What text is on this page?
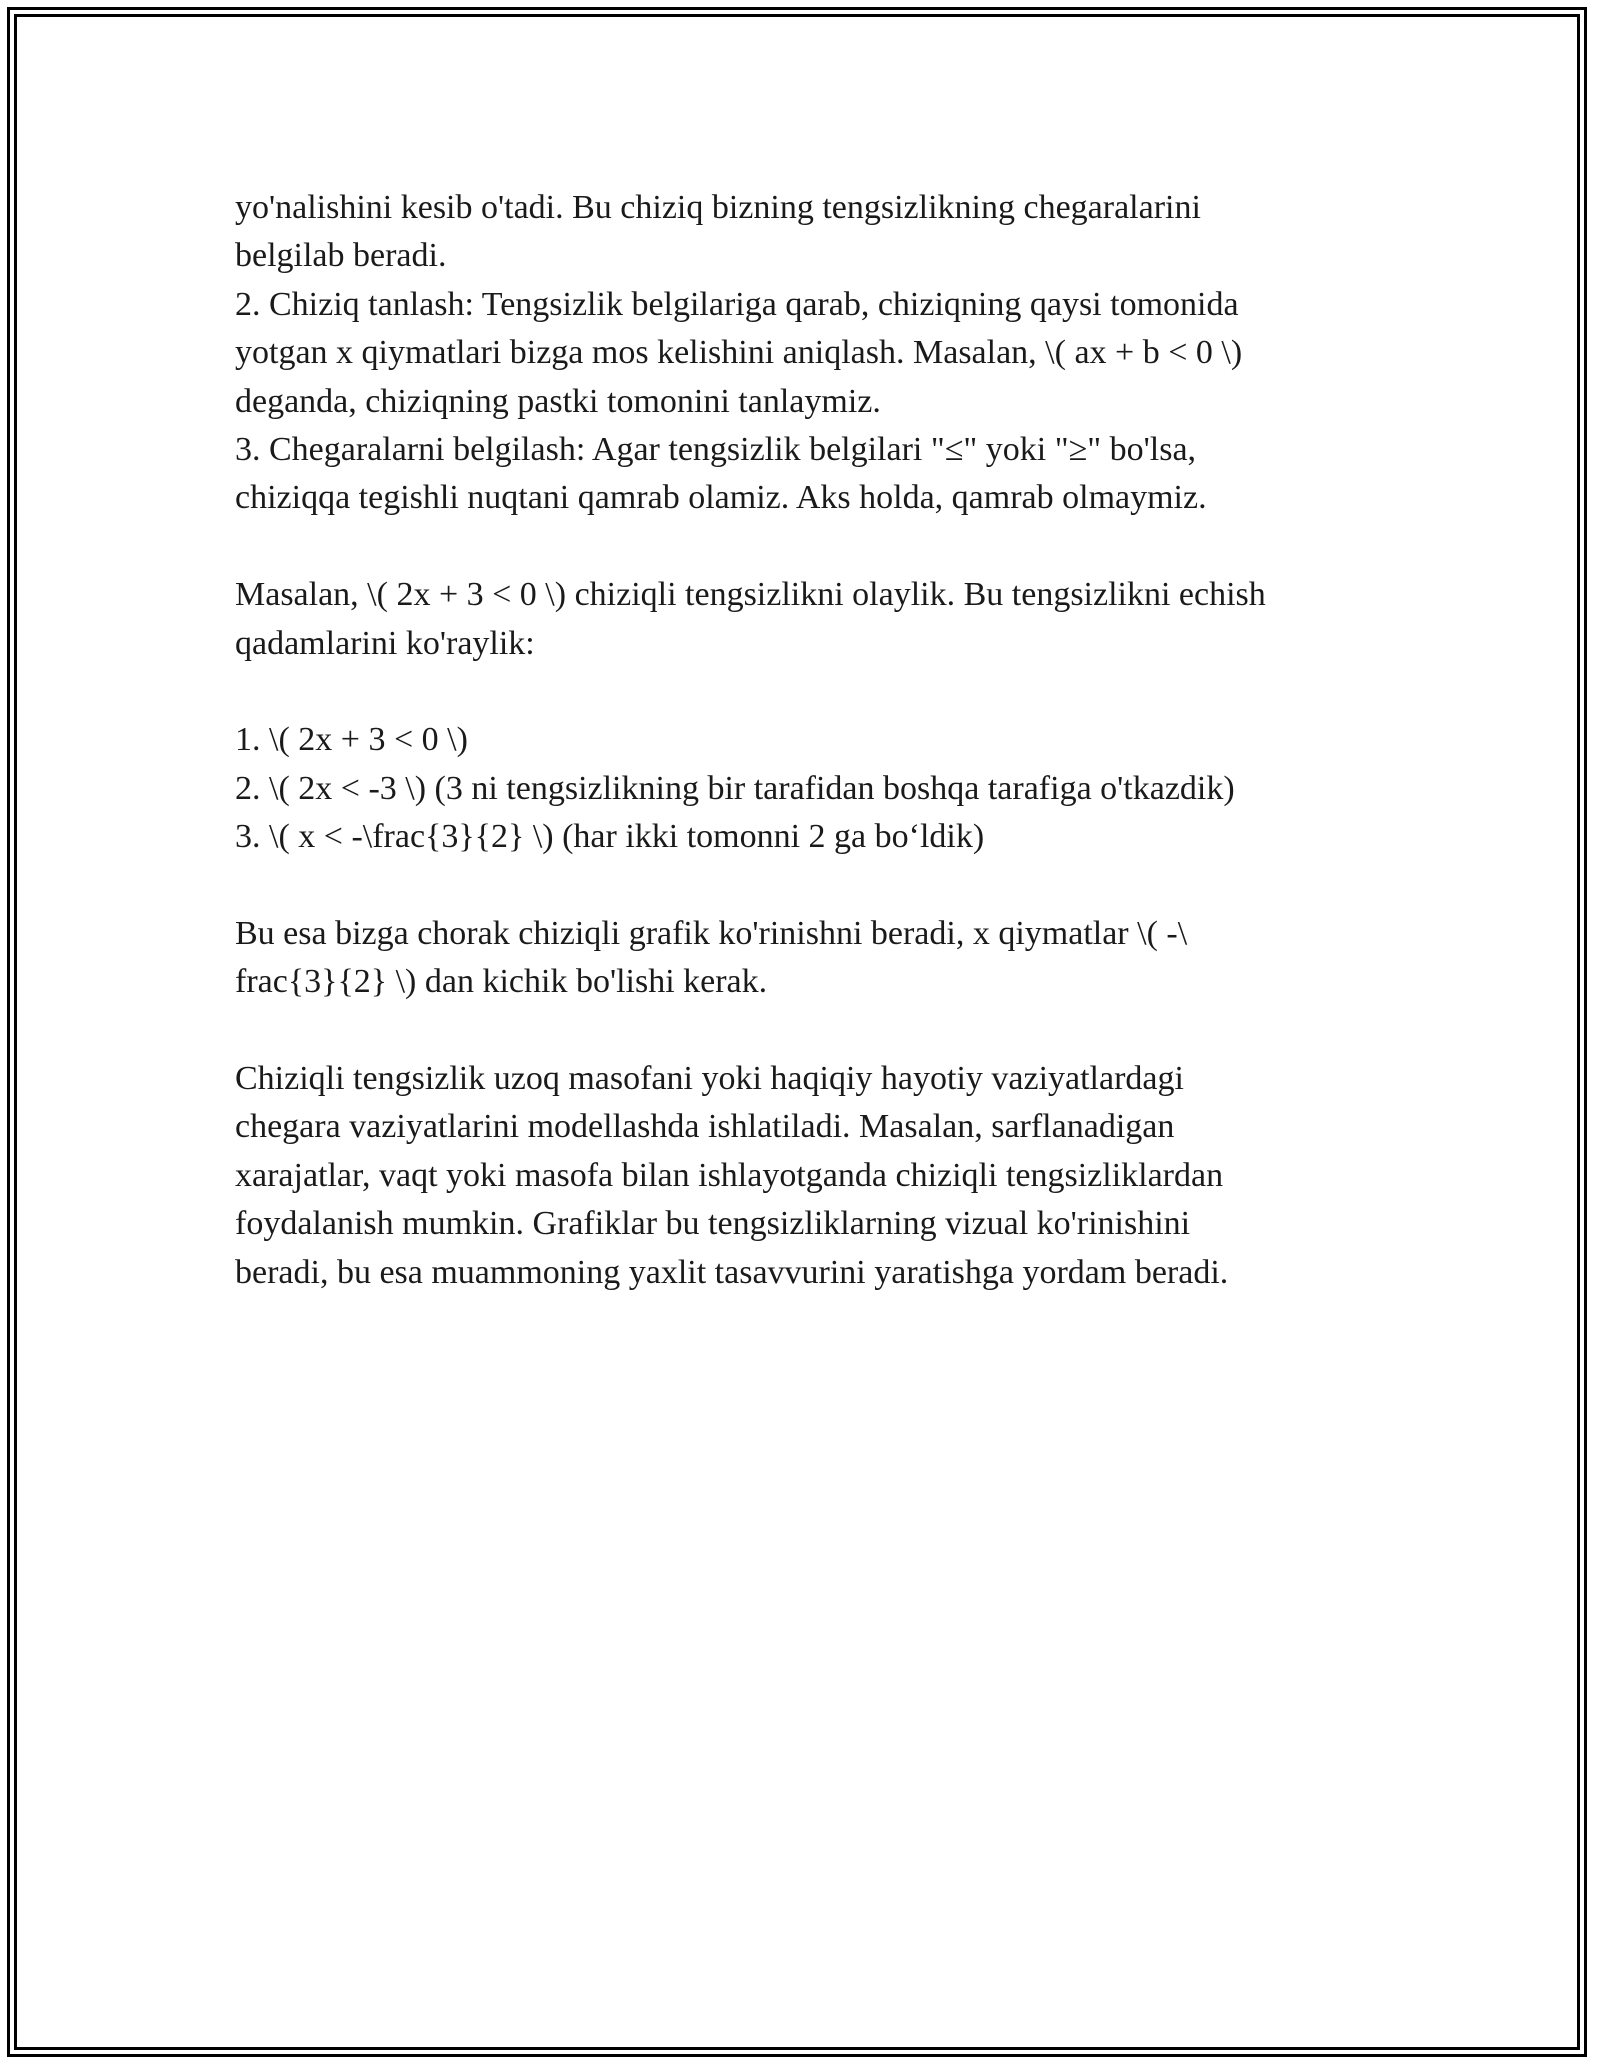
yo'nalishini kesib o'tadi. Bu chiziq bizning tengsizlikning chegaralarini
belgilab beradi.
2. Chiziq tanlash: Tengsizlik belgilariga qarab, chiziqning qaysi tomonida
yotgan x qiymatlari bizga mos kelishini aniqlash. Masalan, \( ax + b < 0 \)
deganda, chiziqning pastki tomonini tanlaymiz.
3. Chegaralarni belgilash: Agar tengsizlik belgilari "≤" yoki "≥" bo'lsa,
chiziqqa tegishli nuqtani qamrab olamiz. Aks holda, qamrab olmaymiz.
Masalan, \( 2x + 3 < 0 \) chiziqli tengsizlikni olaylik. Bu tengsizlikni echish
qadamlarini ko'raylik:
1. \( 2x + 3 < 0 \)
2. \( 2x < -3 \) (3 ni tengsizlikning bir tarafidan boshqa tarafiga o'tkazdik)
3. \( x < -\frac{3}{2} \) (har ikki tomonni 2 ga bo‘ldik)
Bu esa bizga chorak chiziqli grafik ko'rinishni beradi, x qiymatlar \( -\
frac{3}{2} \) dan kichik bo'lishi kerak.
Chiziqli tengsizlik uzoq masofani yoki haqiqiy hayotiy vaziyatlardagi
chegara vaziyatlarini modellashda ishlatiladi. Masalan, sarflanadigan
xarajatlar, vaqt yoki masofa bilan ishlayotganda chiziqli tengsizliklardan
foydalanish mumkin. Grafiklar bu tengsizliklarning vizual ko'rinishini
beradi, bu esa muammoning yaxlit tasavvurini yaratishga yordam beradi.
